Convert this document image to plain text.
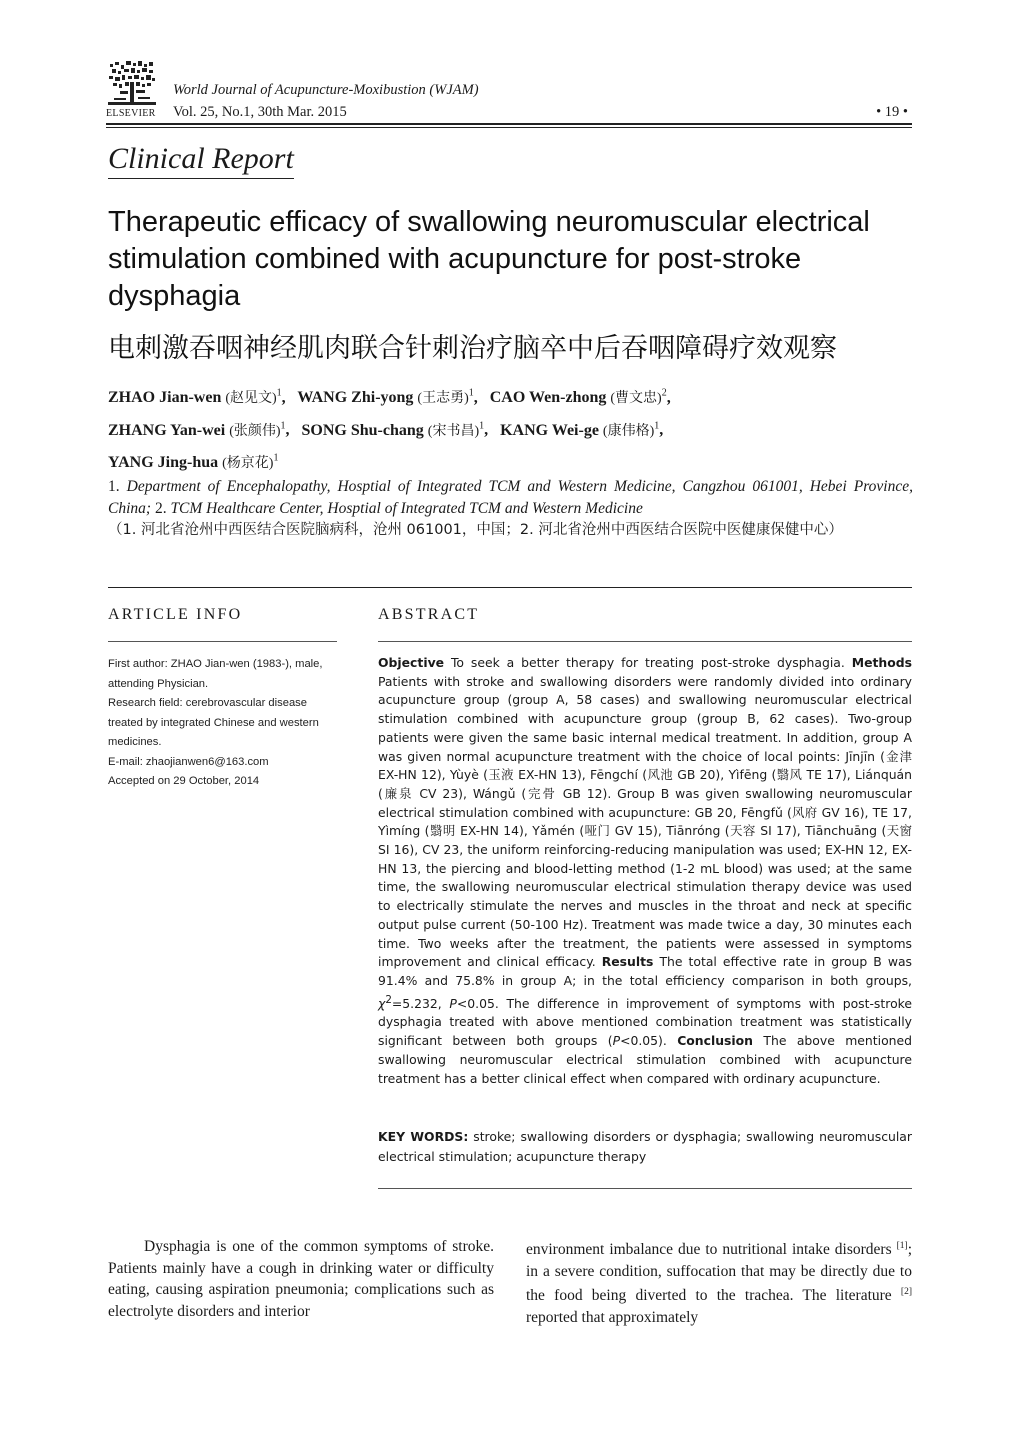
ELSEVIER
World Journal of Acupuncture-Moxibustion (WJAM)
Vol. 25, No.1, 30th Mar. 2015	• 19 •
Clinical Report
Therapeutic efficacy of swallowing neuromuscular electrical stimulation combined with acupuncture for post-stroke dysphagia
电刺激吞咽神经肌肉联合针刺治疗脑卒中后吞咽障碍疗效观察
ZHAO Jian-wen (赵见文)$^1$,   WANG Zhi-yong (王志勇)$^1$,   CAO Wen-zhong (曹文忠)$^2$,
ZHANG Yan-wei (张颜伟)$^1$,   SONG Shu-chang (宋书昌)$^1$,   KANG Wei-ge (康伟格)$^1$,
YANG Jing-hua (杨京花)$^1$
1. Department of Encephalopathy, Hosptial of Integrated TCM and Western Medicine, Cangzhou 061001, Hebei Province, China; 2. TCM Healthcare Center, Hosptial of Integrated TCM and Western Medicine
（1. 河北省沧州中西医结合医院脑病科，沧州 061001，中国；2. 河北省沧州中西医结合医院中医健康保健中心）
ARTICLE INFO

First author: ZHAO Jian-wen (1983-), male, attending Physician.

Research field: cerebrovascular disease treated by integrated Chinese and western medicines.

E-mail: zhaojianwen6@163.com

Accepted on 29 October, 2014

ABSTRACT
Objective To seek a better therapy for treating post-stroke dysphagia. Methods Patients with stroke and swallowing disorders were randomly divided into ordinary acupuncture group (group A, 58 cases) and swallowing neuromuscular electrical stimulation combined with acupuncture group (group B, 62 cases). Two-group patients were given the same basic internal medical treatment. In addition, group A was given normal acupuncture treatment with the choice of local points: Jīnjīn (金津 EX-HN 12), Yùyè (玉液 EX-HN 13), Fēngchí (风池 GB 20), Yìfēng (翳风 TE 17), Liánquán (廉泉 CV 23), Wángǔ (完骨 GB 12). Group B was given swallowing neuromuscular electrical stimulation combined with acupuncture: GB 20, Fēngfǔ (风府 GV 16), TE 17, Yìmíng (翳明 EX-HN 14), Yǎmén (哑门 GV 15), Tiānróng (天容 SI 17), Tiānchuāng (天窗 SI 16), CV 23, the uniform reinforcing-reducing manipulation was used; EX-HN 12, EX-HN 13, the piercing and blood-letting method (1-2 mL blood) was used; at the same time, the swallowing neuromuscular electrical stimulation therapy device was used to electrically stimulate the nerves and muscles in the throat and neck at specific output pulse current (50-100 Hz). Treatment was made twice a day, 30 minutes each time. Two weeks after the treatment, the patients were assessed in symptoms improvement and clinical efficacy. Results The total effective rate in group B was 91.4% and 75.8% in group A; in the total efficiency comparison in both groups, $\chi^2=5.232$, P<0.05. The difference in improvement of symptoms with post-stroke dysphagia treated with above mentioned combination treatment was statistically significant between both groups (P<0.05). Conclusion The above mentioned swallowing neuromuscular electrical stimulation combined with acupuncture treatment has a better clinical effect when compared with ordinary acupuncture.
KEY WORDS: stroke; swallowing disorders or dysphagia; swallowing neuromuscular electrical stimulation; acupuncture therapy
Dysphagia is one of the common symptoms of stroke. Patients mainly have a cough in drinking water or difficulty eating, causing aspiration pneumonia; complications such as electrolyte disorders and interior
environment imbalance due to nutritional intake disorders [1]; in a severe condition, suffocation that may be directly due to the food being diverted to the trachea. The literature [2] reported that approximately
